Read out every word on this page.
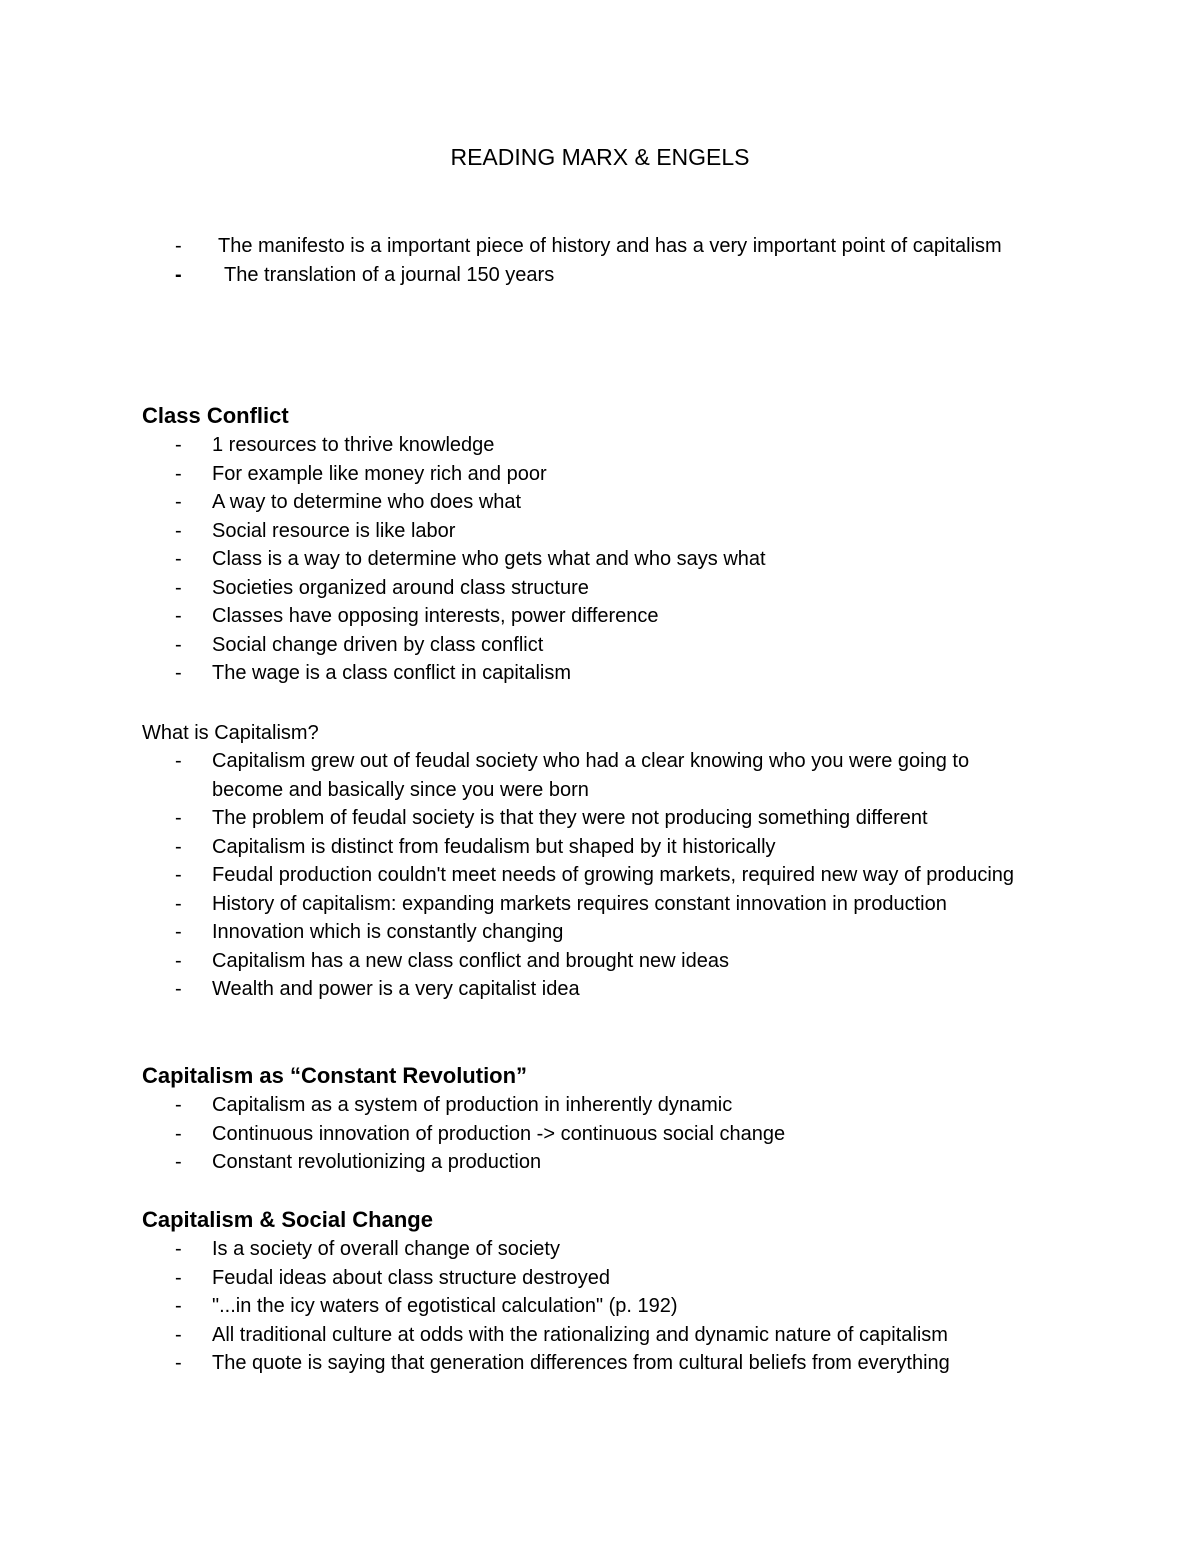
READING MARX & ENGELS
- The manifesto is a important piece of history and has a very important point of capitalism
- The translation of a journal 150 years
Class Conflict
- 1 resources to thrive knowledge
- For example like money rich and poor
- A way to determine who does what
- Social resource is like labor
- Class is a way to determine who gets what and who says what
- Societies organized around class structure
- Classes have opposing interests, power difference
- Social change driven by class conflict
- The wage is a class conflict in capitalism
What is Capitalism?
- Capitalism grew out of feudal society who had a clear knowing who you were going to become and basically since you were born
- The problem of feudal society is that they were not producing something different
- Capitalism is distinct from feudalism but shaped by it historically
- Feudal production couldn't meet needs of growing markets, required new way of producing
- History of capitalism: expanding markets requires constant innovation in production
- Innovation which is constantly changing
- Capitalism has a new class conflict and brought new ideas
- Wealth and power is a very capitalist idea
Capitalism as “Constant Revolution”
- Capitalism as a system of production in inherently dynamic
- Continuous innovation of production -> continuous social change
- Constant revolutionizing a production
Capitalism & Social Change
- Is a society of overall change of society
- Feudal ideas about class structure destroyed
- "...in the icy waters of egotistical calculation" (p. 192)
- All traditional culture at odds with the rationalizing and dynamic nature of capitalism
- The quote is saying that generation differences from cultural beliefs from everything
